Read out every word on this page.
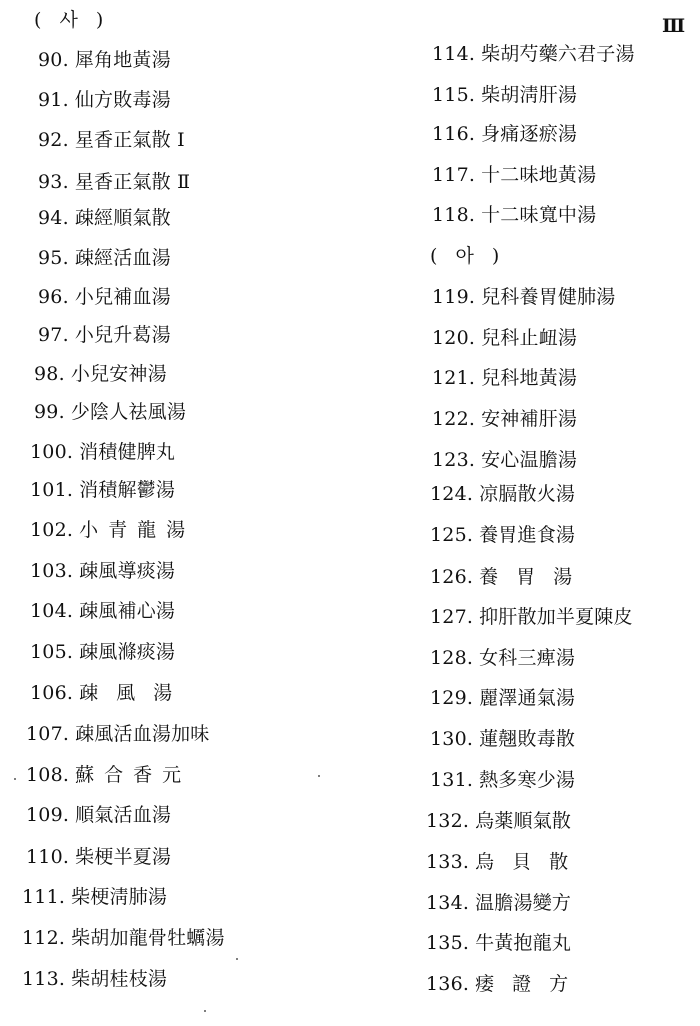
Ⅲ
( 사 )
90. 犀角地黃湯
91. 仙方敗毒湯
92. 星香正氣散 Ⅰ
93. 星香正氣散 Ⅱ
94. 疎經順氣散
95. 疎經活血湯
96. 小兒補血湯
97. 小兒升葛湯
98. 小兒安神湯
99. 少陰人祛風湯
100. 消積健脾丸
101. 消積解鬱湯
102. 小青龍湯
103. 疎風導痰湯
104. 疎風補心湯
105. 疎風滌痰湯
106. 疎風湯
107. 疎風活血湯加味
108. 蘇合香元
109. 順氣活血湯
110. 柴梗半夏湯
111. 柴梗淸肺湯
112. 柴胡加龍骨牡蠣湯
113. 柴胡桂枝湯
114. 柴胡芍藥六君子湯
115. 柴胡淸肝湯
116. 身痛逐瘀湯
117. 十二味地黃湯
118. 十二味寬中湯
( 아 )
119. 兒科養胃健肺湯
120. 兒科止衄湯
121. 兒科地黃湯
122. 安神補肝湯
123. 安心温膽湯
124. 凉膈散火湯
125. 養胃進食湯
126. 養胃湯
127. 抑肝散加半夏陳皮
128. 女科三痺湯
129. 麗澤通氣湯
130. 蓮翹敗毒散
131. 熱多寒少湯
132. 烏薬順氣散
133. 烏貝散
134. 温膽湯變方
135. 牛黃抱龍丸
136. 痿證方
